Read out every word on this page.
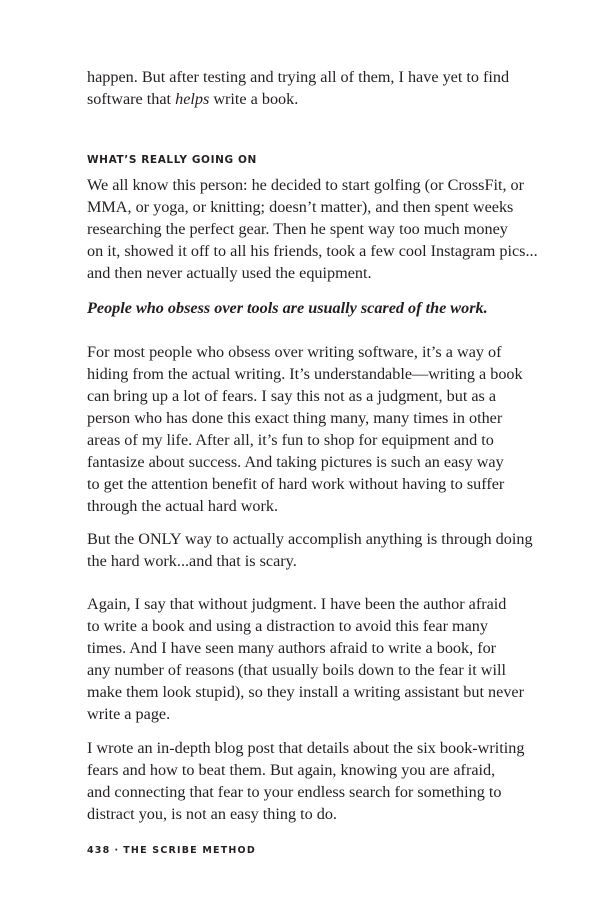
happen. But after testing and trying all of them, I have yet to find
software that helps write a book.

WHAT’S REALLY GOING ON

We all know this person: he decided to start golfing (or CrossFit, or
MMA, or yoga, or knitting; doesn’t matter), and then spent weeks
researching the perfect gear. Then he spent way too much money
on it, showed it off to all his friends, took a few cool Instagram pics...
and then never actually used the equipment.

People who obsess over tools are usually scared of the work.

For most people who obsess over writing software, it’s a way of
hiding from the actual writing. It’s understandable—writing a book
can bring up a lot of fears. I say this not as a judgment, but as a
person who has done this exact thing many, many times in other
areas of my life. After all, it’s fun to shop for equipment and to
fantasize about success. And taking pictures is such an easy way
to get the attention benefit of hard work without having to suffer
through the actual hard work.

But the ONLY way to actually accomplish anything is through doing
the hard work...and that is scary.

Again, I say that without judgment. I have been the author afraid
to write a book and using a distraction to avoid this fear many
times. And I have seen many authors afraid to write a book, for
any number of reasons (that usually boils down to the fear it will
make them look stupid), so they install a writing assistant but never
write a page.

I wrote an in-depth blog post that details about the six book-writing
fears and how to beat them. But again, knowing you are afraid,
and connecting that fear to your endless search for something to
distract you, is not an easy thing to do.

438 · THE SCRIBE METHOD
